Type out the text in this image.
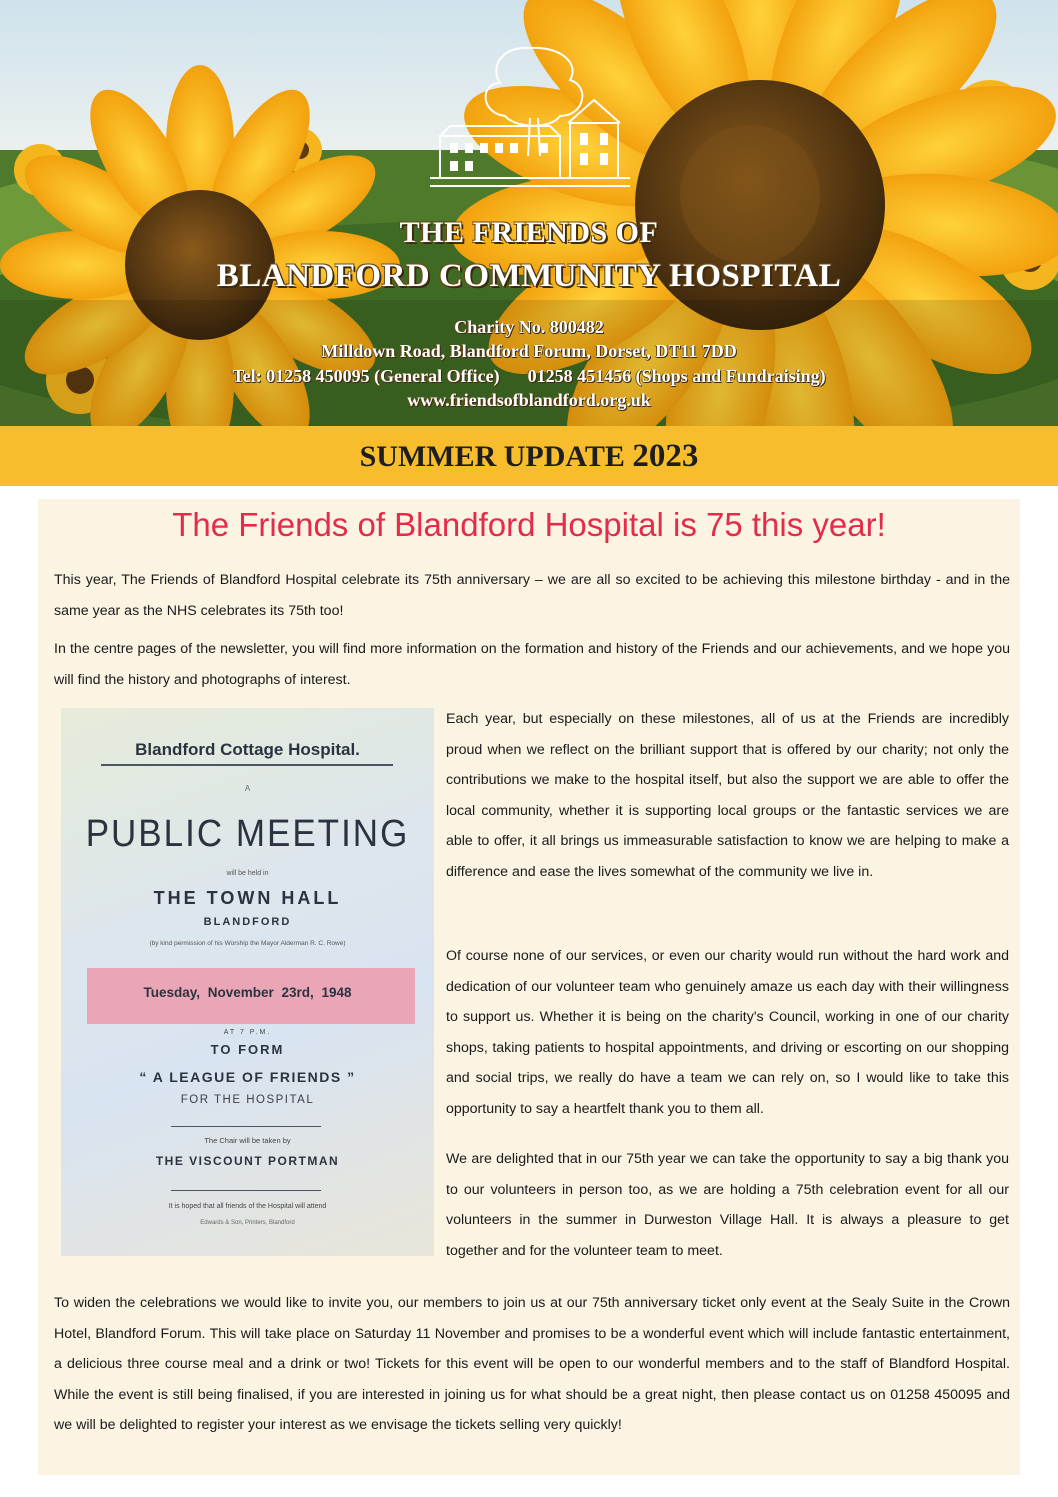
THE FRIENDS OF
BLANDFORD COMMUNITY HOSPITAL
Charity No. 800482
Milldown Road, Blandford Forum, Dorset, DT11 7DD
Tel: 01258 450095 (General Office) 01258 451456 (Shops and Fundraising)
www.friendsofblandford.org.uk
SUMMER UPDATE 2023
The Friends of Blandford Hospital is 75 this year!

This year, The Friends of Blandford Hospital celebrate its 75th anniversary – we are all so excited to be achieving this milestone birthday - and in the same year as the NHS celebrates its 75th too!

In the centre pages of the newsletter, you will find more information on the formation and history of the Friends and our achievements, and we hope you will find the history and photographs of interest.

Blandford Cottage Hospital.
A
PUBLIC MEETING
will be held in
THE TOWN HALL
BLANDFORD
(by kind permission of his Worship the Mayor Alderman R. C. Rowe)
Tuesday, November 23rd, 1948
AT 7 P.M.
TO FORM
“ A LEAGUE OF FRIENDS ”
FOR THE HOSPITAL
The Chair will be taken by
THE VISCOUNT PORTMAN
It is hoped that all friends of the Hospital will attend
Edwards & Son, Printers, Blandford

Each year, but especially on these milestones, all of us at the Friends are incredibly proud when we reflect on the brilliant support that is offered by our charity; not only the contributions we make to the hospital itself, but also the support we are able to offer the local community, whether it is supporting local groups or the fantastic services we are able to offer, it all brings us immeasurable satisfaction to know we are helping to make a difference and ease the lives somewhat of the community we live in.

Of course none of our services, or even our charity would run without the hard work and dedication of our volunteer team who genuinely amaze us each day with their willingness to support us. Whether it is being on the charity's Council, working in one of our charity shops, taking patients to hospital appointments, and driving or escorting on our shopping and social trips, we really do have a team we can rely on, so I would like to take this opportunity to say a heartfelt thank you to them all.

We are delighted that in our 75th year we can take the opportunity to say a big thank you to our volunteers in person too, as we are holding a 75th celebration event for all our volunteers in the summer in Durweston Village Hall. It is always a pleasure to get together and for the volunteer team to meet.

To widen the celebrations we would like to invite you, our members to join us at our 75th anniversary ticket only event at the Sealy Suite in the Crown Hotel, Blandford Forum. This will take place on Saturday 11 November and promises to be a wonderful event which will include fantastic entertainment, a delicious three course meal and a drink or two! Tickets for this event will be open to our wonderful members and to the staff of Blandford Hospital. While the event is still being finalised, if you are interested in joining us for what should be a great night, then please contact us on 01258 450095 and we will be delighted to register your interest as we envisage the tickets selling very quickly!
